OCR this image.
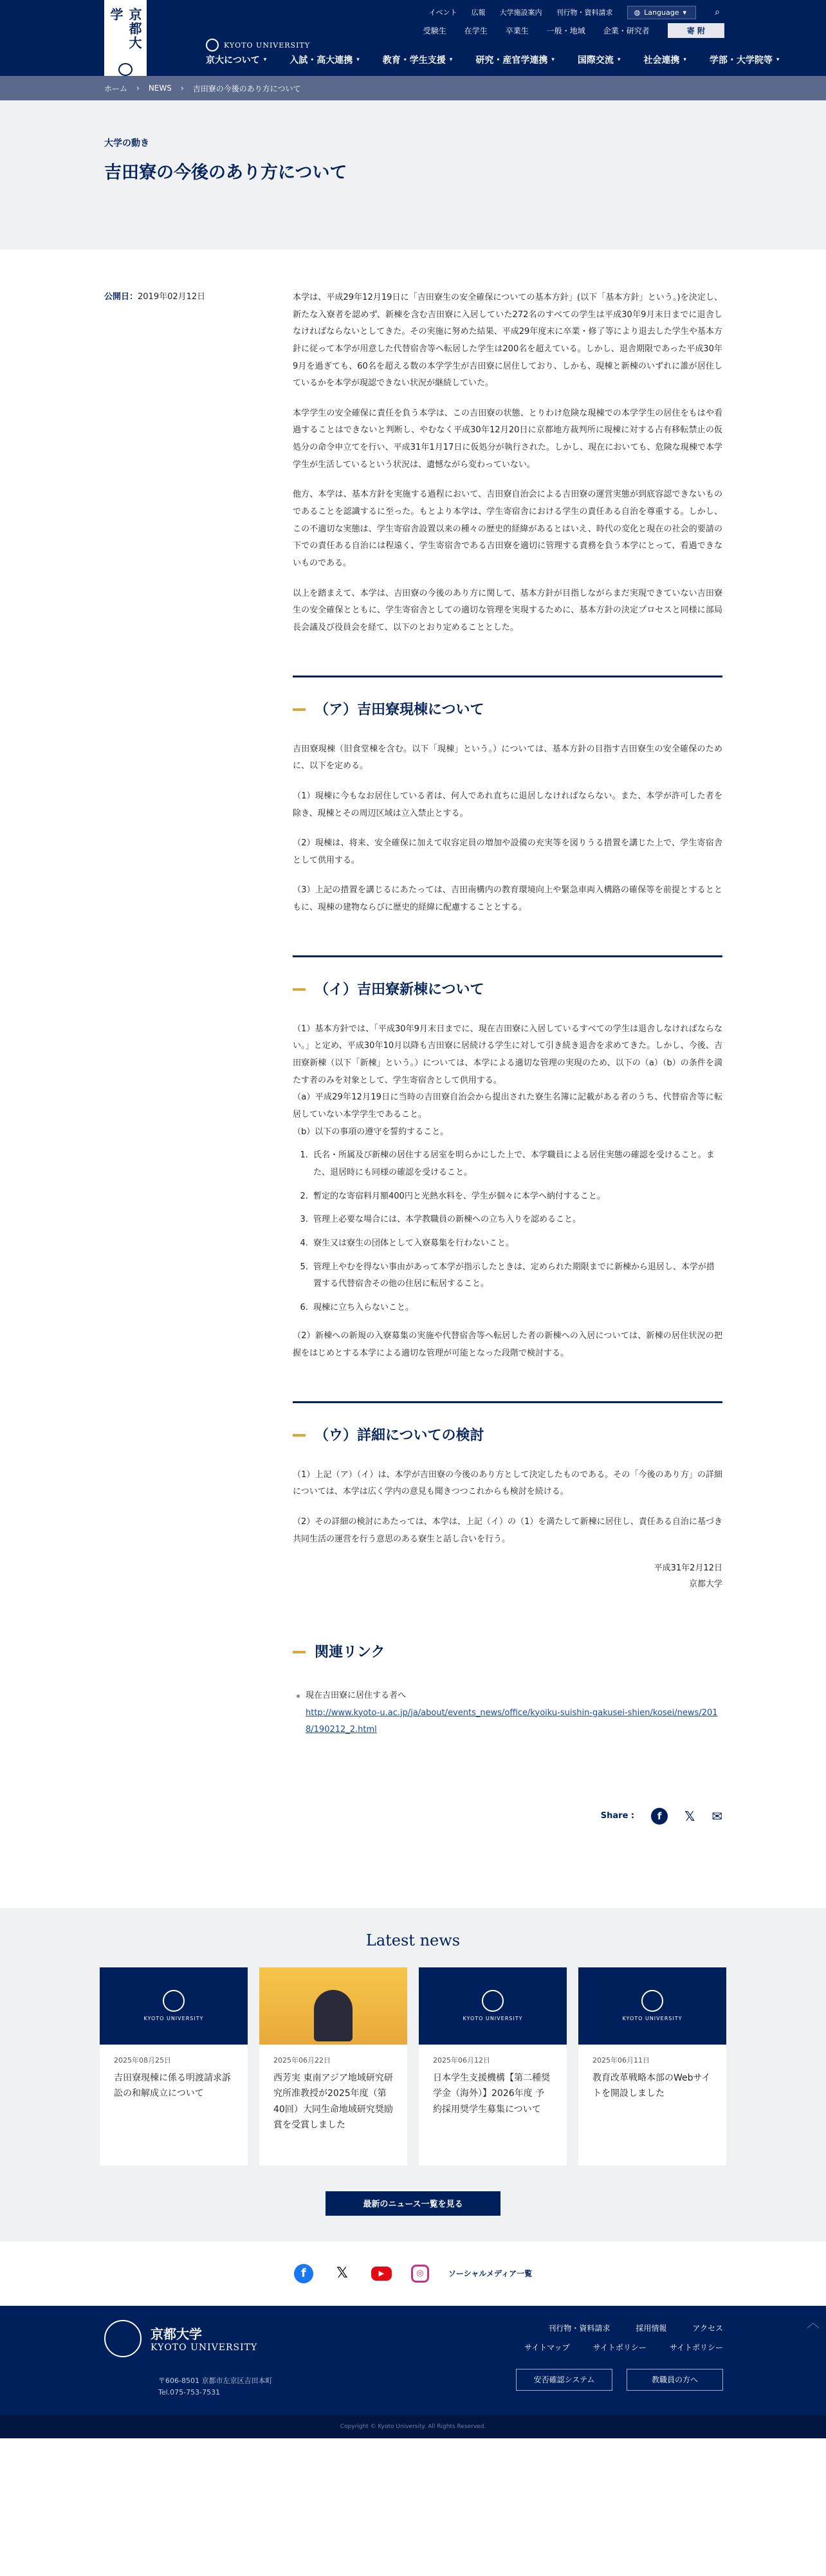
京都大学
KYOTO UNIVERSITY
イベント 広報 大学施設案内 刊行物・資料請求	◍ Language ▾	⌕
受験生 在学生 卒業生 一般・地域 企業・研究者	寄 附
京大について ▾	入試・高大連携 ▾	教育・学生支援 ▾	研究・産官学連携 ▾	国際交流 ▾	社会連携 ▾	学部・大学院等 ▾
ホーム › NEWS › 吉田寮の今後のあり方について
大学の動き
吉田寮の今後のあり方について
公開日：2019年02月12日	本学は、平成29年12月19日に「吉田寮生の安全確保についての基本方針」(以下「基本方針」という。)を決定し、新たな入寮者を認めず、新棟を含む吉田寮に入居していた272名のすべての学生は平成30年9月末日までに退舎しなければならないとしてきた。その実施に努めた結果、平成29年度末に卒業・修了等により退去した学生や基本方針に従って本学が用意した代替宿舎等へ転居した学生は200名を超えている。しかし、退舎期限であった平成30年9月を過ぎても、60名を超える数の本学学生が吉田寮に居住しており、しかも、現棟と新棟のいずれに誰が居住しているかを本学が現認できない状況が継続していた。

本学学生の安全確保に責任を負う本学は、この吉田寮の状態、とりわけ危険な現棟での本学学生の居住をもはや看過することはできないと判断し、やむなく平成30年12月20日に京都地方裁判所に現棟に対する占有移転禁止の仮処分の命令申立てを行い、平成31年1月17日に仮処分が執行された。しかし、現在においても、危険な現棟で本学学生が生活しているという状況は、遺憾ながら変わっていない。

他方、本学は、基本方針を実施する過程において、吉田寮自治会による吉田寮の運営実態が到底容認できないものであることを認識するに至った。もとより本学は、学生寄宿舎における学生の責任ある自治を尊重する。しかし、この不適切な実態は、学生寄宿舎設置以来の種々の歴史的経緯があるとはいえ、時代の変化と現在の社会的要請の下での責任ある自治には程遠く、学生寄宿舎である吉田寮を適切に管理する責務を負う本学にとって、看過できないものである。

以上を踏まえて、本学は、吉田寮の今後のあり方に関して、基本方針が目指しながらまだ実現できていない吉田寮生の安全確保とともに、学生寄宿舎としての適切な管理を実現するために、基本方針の決定プロセスと同様に部局長会議及び役員会を経て、以下のとおり定めることとした。

（ア）吉田寮現棟について

吉田寮現棟（旧食堂棟を含む。以下「現棟」という。）については、基本方針の目指す吉田寮生の安全確保のために、以下を定める。

（1）現棟に今もなお居住している者は、何人であれ直ちに退居しなければならない。また、本学が許可した者を除き、現棟とその周辺区域は立入禁止とする。

（2）現棟は、将来、安全確保に加えて収容定員の増加や設備の充実等を図りうる措置を講じた上で、学生寄宿舎として供用する。

（3）上記の措置を講じるにあたっては、吉田南構内の教育環境向上や緊急車両入構路の確保等を前提とするとともに、現棟の建物ならびに歴史的経緯に配慮することとする。

（イ）吉田寮新棟について

（1）基本方針では、「平成30年9月末日までに、現在吉田寮に入居しているすべての学生は退舎しなければならない。」と定め、平成30年10月以降も吉田寮に居続ける学生に対して引き続き退舎を求めてきた。しかし、今後、吉田寮新棟（以下「新棟」という。）については、本学による適切な管理の実現のため、以下の（a）（b）の条件を満たす者のみを対象として、学生寄宿舎として供用する。

（a）平成29年12月19日に当時の吉田寮自治会から提出された寮生名簿に記載がある者のうち、代替宿舎等に転居していない本学学生であること。

（b）以下の事項の遵守を誓約すること。

1. 氏名・所属及び新棟の居住する居室を明らかにした上で、本学職員による居住実態の確認を受けること。また、退居時にも同様の確認を受けること。
2. 暫定的な寄宿料月額400円と光熱水料を、学生が個々に本学へ納付すること。
3. 管理上必要な場合には、本学教職員の新棟への立ち入りを認めること。
4. 寮生又は寮生の団体として入寮募集を行わないこと。
5. 管理上やむを得ない事由があって本学が指示したときは、定められた期限までに新棟から退居し、本学が措置する代替宿舎その他の住居に転居すること。
6. 現棟に立ち入らないこと。

（2）新棟への新規の入寮募集の実施や代替宿舎等へ転居した者の新棟への入居については、新棟の居住状況の把握をはじめとする本学による適切な管理が可能となった段階で検討する。

（ウ）詳細についての検討

（1）上記（ア）（イ）は、本学が吉田寮の今後のあり方として決定したものである。その「今後のあり方」の詳細については、本学は広く学内の意見も聞きつつこれからも検討を続ける。

（2）その詳細の検討にあたっては、本学は、上記（イ）の（1）を満たして新棟に居住し、責任ある自治に基づき共同生活の運営を行う意思のある寮生と話し合いを行う。

平成31年2月12日
京都大学
関連リンク
現在吉田寮に居住する者へ
http://www.kyoto-u.ac.jp/ja/about/events_news/office/kyoiku-suishin-gakusei-shien/kosei/news/2018/190212_2.html
Share :	f	𝕏 ✉
Latest news
KYOTO UNIVERSITY
2025年08月25日
吉田寮現棟に係る明渡請求訴訟の和解成立について
2025年06月22日
西芳実 東南アジア地域研究研究所准教授が2025年度（第40回）大同生命地域研究奨励賞を受賞しました
KYOTO UNIVERSITY
2025年06月12日
日本学生支援機構【第二種奨学金（海外）】2026年度 予約採用奨学生募集について
KYOTO UNIVERSITY
2025年06月11日
教育改革戦略本部のWebサイトを開設しました
最新のニュース一覧を見る
f	𝕏	▶	◎	ソーシャルメディア一覧
京都大学
KYOTO UNIVERSITY
〒606-8501 京都市左京区吉田本町
Tel.075-753-7531
刊行物・資料請求	採用情報	アクセス
サイトマップ	サイトポリシー	サイトポリシー
安否確認システム	教職員の方へ
︿
Copyright © Kyoto University. All Rights Reserved.
